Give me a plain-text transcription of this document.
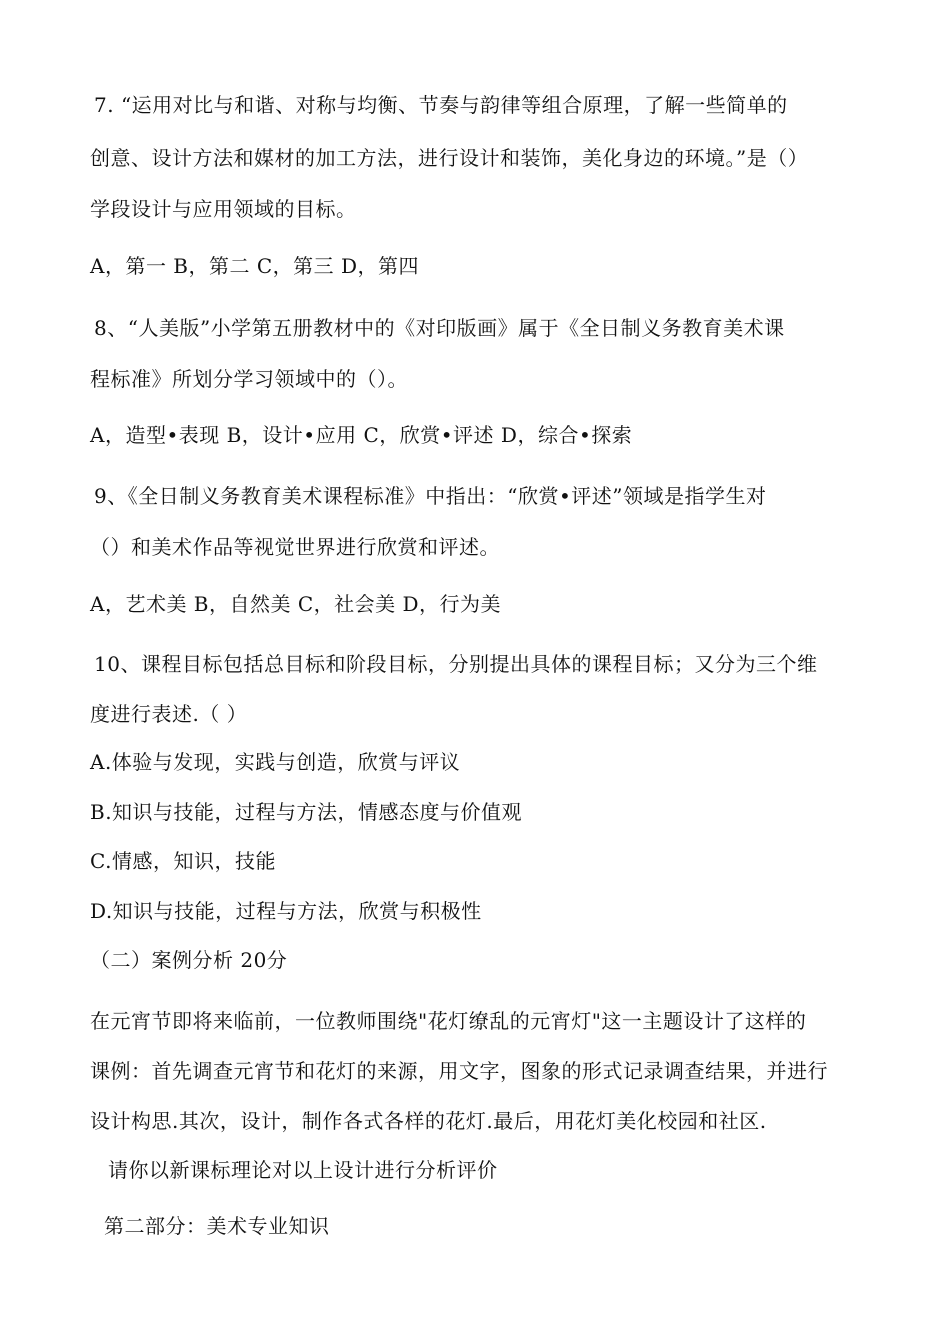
7. “运用对比与和谐、对称与均衡、节奏与韵律等组合原理，了解一些简单的
创意、设计方法和媒材的加工方法，进行设计和装饰，美化身边的环境。”是（）
学段设计与应用领域的目标。
A，第一 B，第二 C，第三 D，第四
8、“人美版”小学第五册教材中的《对印版画》属于《全日制义务教育美术课
程标准》所划分学习领域中的（）。
A，造型•表现 B，设计•应用 C，欣赏•评述 D，综合•探索
9、《全日制义务教育美术课程标准》中指出：“欣赏•评述”领域是指学生对
（）和美术作品等视觉世界进行欣赏和评述。
A，艺术美 B，自然美 C，社会美 D，行为美
10、课程目标包括总目标和阶段目标，分别提出具体的课程目标；又分为三个维
度进行表述.（ ）
A.体验与发现，实践与创造，欣赏与评议
B.知识与技能，过程与方法，情感态度与价值观
C.情感，知识，技能
D.知识与技能，过程与方法，欣赏与积极性
（二）案例分析 20分
在元宵节即将来临前，一位教师围绕"花灯缭乱的元宵灯"这一主题设计了这样的
课例：首先调查元宵节和花灯的来源，用文字，图象的形式记录调查结果，并进行
设计构思.其次，设计，制作各式各样的花灯.最后，用花灯美化校园和社区.
请你以新课标理论对以上设计进行分析评价
第二部分：美术专业知识
